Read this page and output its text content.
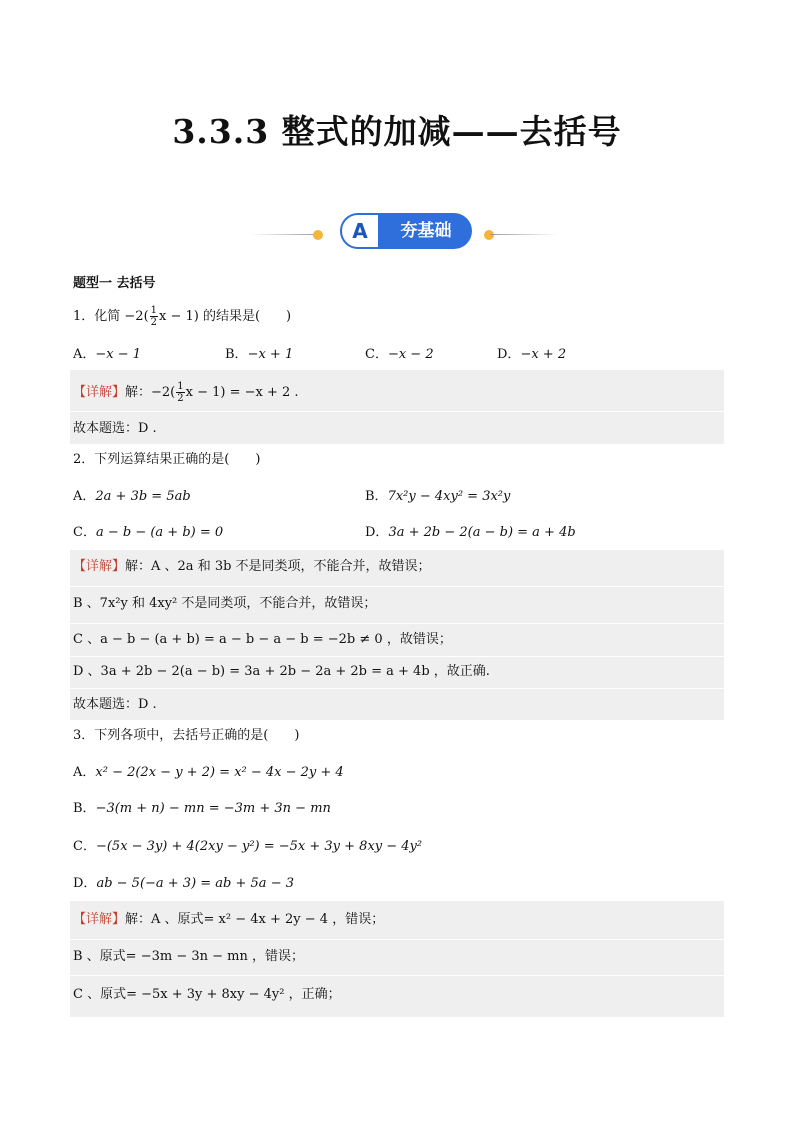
3.3.3 整式的加减——去括号
A	夯基础
题型一 去括号
1．化简 $-2( \frac{1}{2}$ x − 1) 的结果是(　　)
A．−x − 1	B．−x + 1	C．−x − 2	D．−x + 2
【详解】解：$-2( \frac{1}{2}$ x − 1) = −x + 2 .
故本题选：D .
2．下列运算结果正确的是(　　)
A．2a + 3b = 5ab	B．7x²y − 4xy² = 3x²y
C．a − b − (a + b) = 0	D．3a + 2b − 2(a − b) = a + 4b
【详解】解：A 、2a 和 3b 不是同类项，不能合并，故错误；
B 、7x²y 和 4xy² 不是同类项，不能合并，故错误；
C 、a − b − (a + b) = a − b − a − b = −2b ≠ 0 ，故错误；
D 、3a + 2b − 2(a − b) = 3a + 2b − 2a + 2b = a + 4b ，故正确.
故本题选：D .
3．下列各项中，去括号正确的是(　　)
A．x² − 2(2x − y + 2) = x² − 4x − 2y + 4
B．−3(m + n) − mn = −3m + 3n − mn
C．−(5x − 3y) + 4(2xy − y²) = −5x + 3y + 8xy − 4y²
D．ab − 5(−a + 3) = ab + 5a − 3
【详解】解：A 、原式= x² − 4x + 2y − 4 ，错误；
B 、原式= −3m − 3n − mn ，错误；
C 、原式= −5x + 3y + 8xy − 4y² ，正确；
